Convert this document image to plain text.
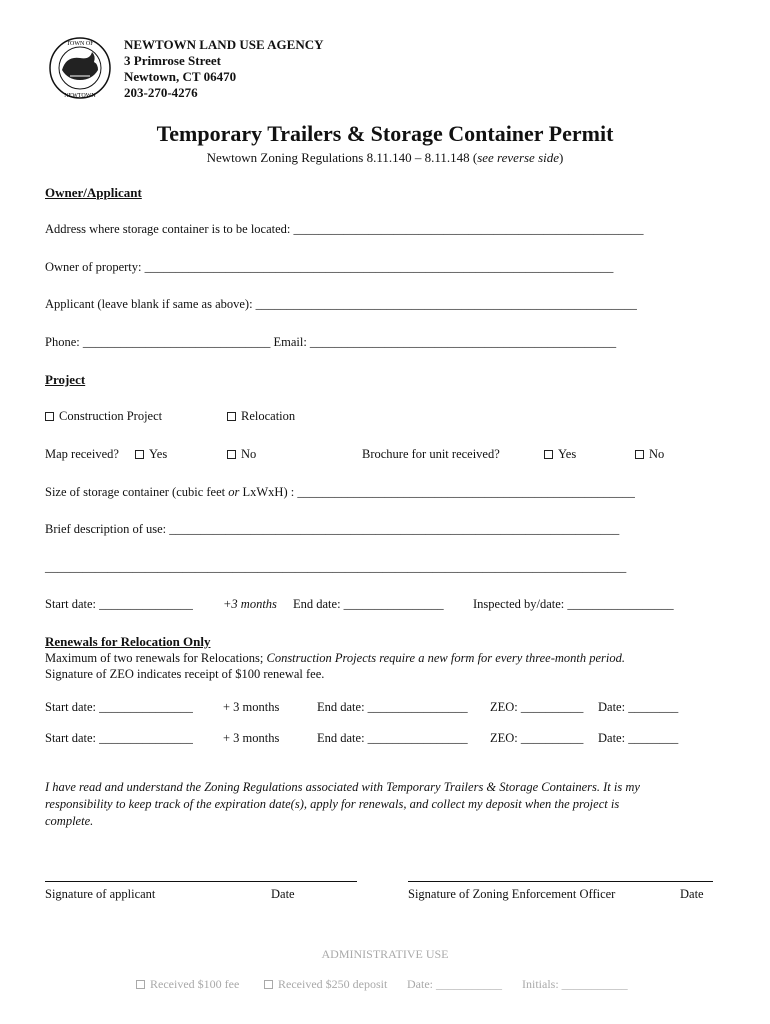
TOWN OF
NEWTOWN
NEWTOWN LAND USE AGENCY
3 Primrose Street
Newtown, CT 06470
203-270-4276
Temporary Trailers & Storage Container Permit
Newtown Zoning Regulations 8.11.140 – 8.11.148 (see reverse side)
Owner/Applicant
Address where storage container is to be located: ________________________________________________________
Owner of property: ___________________________________________________________________________
Applicant (leave blank if same as above): _____________________________________________________________
Phone: ______________________________ Email: _________________________________________________
Project
Construction Project	Relocation
Map received?	Yes	No	Brochure for unit received?	Yes	No
Size of storage container (cubic feet or LxWxH) : ______________________________________________________
Brief description of use: ________________________________________________________________________
_____________________________________________________________________________________________
Start date: _______________ +3 months End date: ________________ Inspected by/date: _________________
Renewals for Relocation Only
Maximum of two renewals for Relocations; Construction Projects require a new form for every three-month period.
Signature of ZEO indicates receipt of $100 renewal fee.
Start date: _______________ + 3 months	End date: ________________ ZEO: __________ Date: ________
Start date: _______________ + 3 months	End date: ________________ ZEO: __________ Date: ________
I have read and understand the Zoning Regulations associated with Temporary Trailers & Storage Containers. It is my
responsibility to keep track of the expiration date(s), apply for renewals, and collect my deposit when the project is
complete.
Signature of applicant	Date	Signature of Zoning Enforcement Officer	Date
ADMINISTRATIVE USE
Received $100 fee	Received $250 deposit Date: ___________ Initials: ___________
